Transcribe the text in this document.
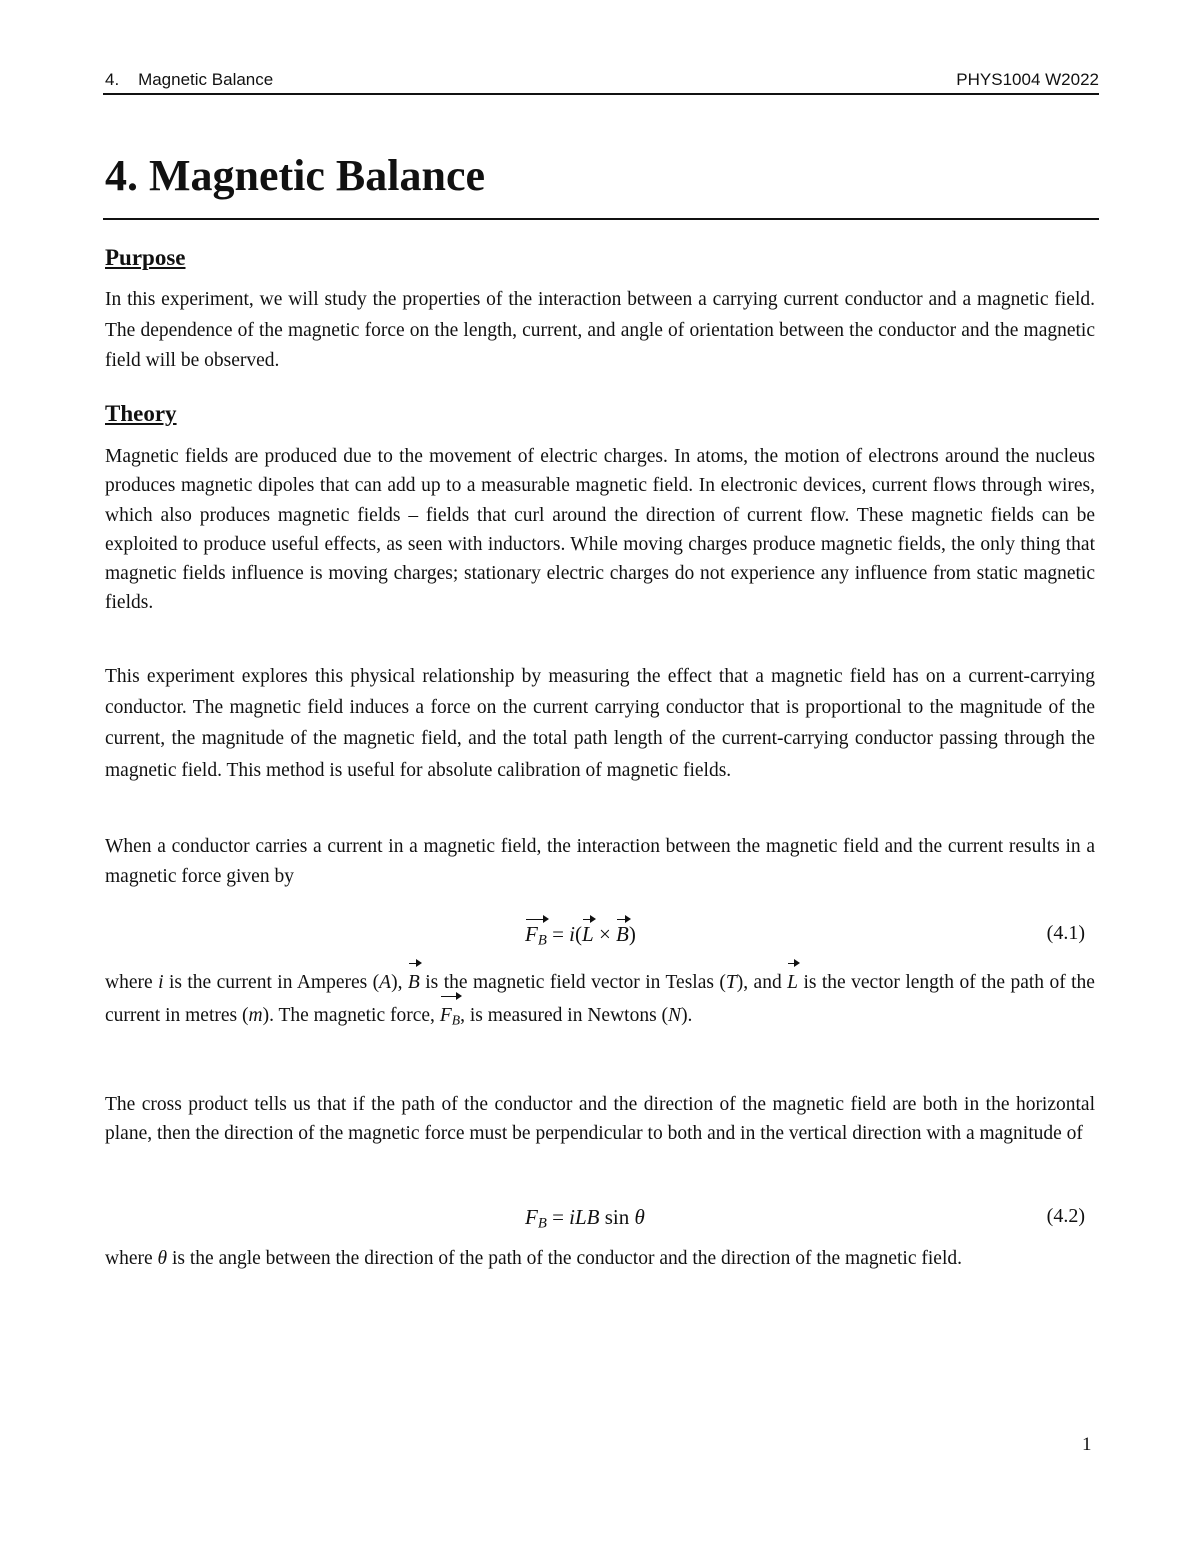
4.    Magnetic Balance	PHYS1004 W2022
4. Magnetic Balance
Purpose

In this experiment, we will study the properties of the interaction between a carrying current conductor and a magnetic field. The dependence of the magnetic force on the length, current, and angle of orientation between the conductor and the magnetic field will be observed.

Theory

Magnetic fields are produced due to the movement of electric charges. In atoms, the motion of electrons around the nucleus produces magnetic dipoles that can add up to a measurable magnetic field. In electronic devices, current flows through wires, which also produces magnetic fields – fields that curl around the direction of current flow. These magnetic fields can be exploited to produce useful effects, as seen with inductors. While moving charges produce magnetic fields, the only thing that magnetic fields influence is moving charges; stationary electric charges do not experience any influence from static magnetic fields.

This experiment explores this physical relationship by measuring the effect that a magnetic field has on a current-carrying conductor. The magnetic field induces a force on the current carrying conductor that is proportional to the magnitude of the current, the magnitude of the magnetic field, and the total path length of the current-carrying conductor passing through the magnetic field. This method is useful for absolute calibration of magnetic fields.

When a conductor carries a current in a magnetic field, the interaction between the magnetic field and the current results in a magnetic force given by

$F_B = i(L \times B)$	(4.1)

where i is the current in Amperes (A), B is the magnetic field vector in Teslas (T), and L is the vector length of the path of the current in metres (m). The magnetic force, $F_B$, is measured in Newtons (N).

The cross product tells us that if the path of the conductor and the direction of the magnetic field are both in the horizontal plane, then the direction of the magnetic force must be perpendicular to both and in the vertical direction with a magnitude of

$F_B$ = iLB sin θ	(4.2)

where θ is the angle between the direction of the path of the conductor and the direction of the magnetic field.

1
